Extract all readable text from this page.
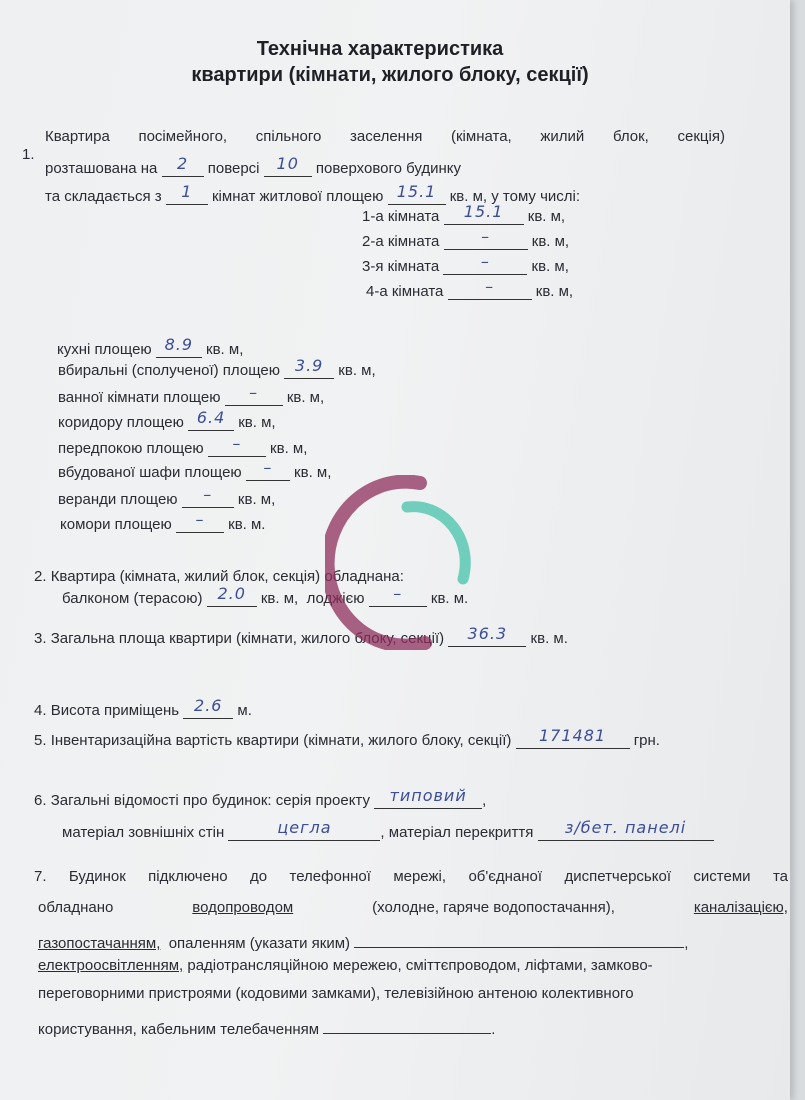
Технічна характеристика
квартири (кімнати, жилого блоку, секції)
1.
Квартира посімейного, спільного заселення (кімната, жилий блок, секція)
розташована на 2 поверсі 10 поверхового будинку
та складається з 1 кімнат житлової площею 15.1 кв. м, у тому числі:
1-а кімната 15.1 кв. м,
2-а кімната	–	кв. м,
3-я кімната	–	кв. м,
4-а кімната	–	кв. м,
кухні площею 8.9 кв. м,
вбиральні (сполученої) площею 3.9 кв. м,
ванної кімнати площею – кв. м,
коридору площею 6.4 кв. м,
передпокою площею – кв. м,
вбудованої шафи площею – кв. м,
веранди площею – кв. м,
комори площею – кв. м.
2. Квартира (кімната, жилий блок, секція) обладнана:
балконом (терасою) 2.0 кв. м, лоджією – кв. м.
3. Загальна площа квартири (кімнати, жилого блоку, секції) 36.3 кв. м.
4. Висота приміщень 2.6 м.
5. Інвентаризаційна вартість квартири (кімнати, жилого блоку, секції) 171481 грн.
6. Загальні відомості про будинок: серія проекту типовий ,
матеріал зовнішніх стін	цегла	, матеріал перекриття з/бет. панелі
7. Будинок підключено до телефонної мережі, об'єднаної диспетчерської системи та
обладнано	водопроводом	(холодне, гаряче водопостачання),	каналізацією,
газопостачанням, опаленням (указати яким)	,
електроосвітленням, радіотрансляційною мережею, сміттєпроводом, ліфтами, замково-
переговорними пристроями (кодовими замками), телевізійною антеною колективного
користування, кабельним телебаченням	.
